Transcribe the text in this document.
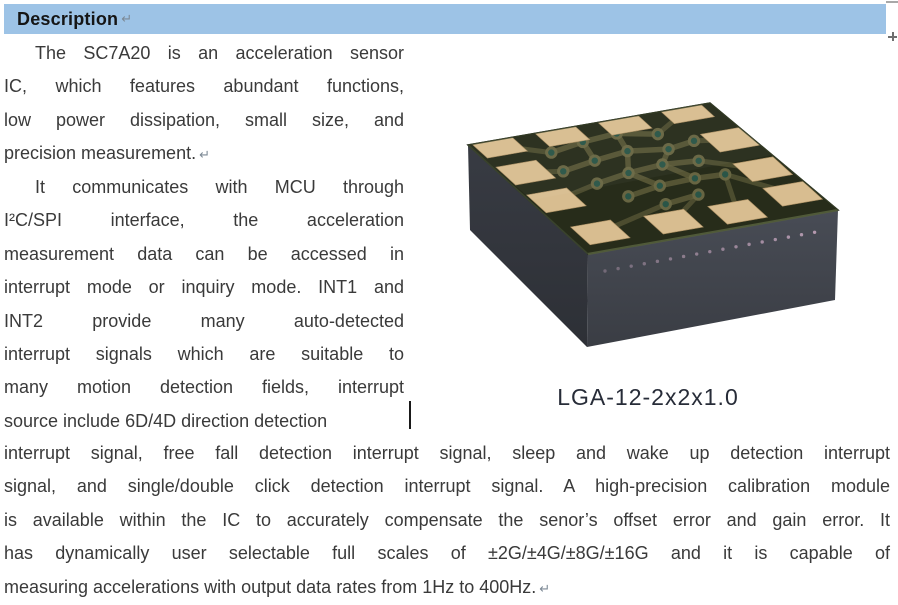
Description ↵
The SC7A20 is an acceleration sensor
IC, which features abundant functions,
low power dissipation, small size, and
precision measurement. ↵
It communicates with MCU through
I²C/SPI interface, the acceleration
measurement data can be accessed in
interrupt mode or inquiry mode. INT1 and
INT2 provide many auto-detected
interrupt signals which are suitable to
many motion detection fields, interrupt
source include 6D/4D direction detection
LGA-12-2x2x1.0
interrupt signal, free fall detection interrupt signal, sleep and wake up detection interrupt
signal, and single/double click detection interrupt signal. A high-precision calibration module
is available within the IC to accurately compensate the senor’s offset error and gain error. It
has dynamically user selectable full scales of ±2G/±4G/±8G/±16G and it is capable of
measuring accelerations with output data rates from 1Hz to 400Hz. ↵
